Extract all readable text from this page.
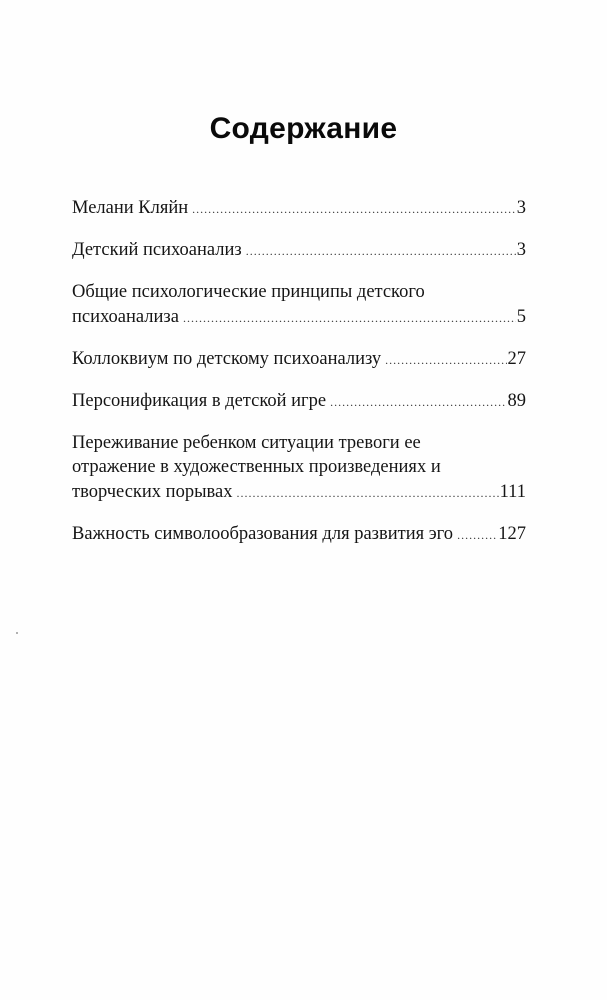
Содержание
Мелани Кляйн .....	3
Детский психоанализ .....	3
Общие психологические принципы детского
психоанализа .....	5
Коллоквиум по детскому психоанализу .....	27
Персонификация в детской игре .....	89
Переживание ребенком ситуации тревоги ее
отражение в художественных произведениях и
творческих порывах .....	111
Важность символообразования для развития эго ..... 127
